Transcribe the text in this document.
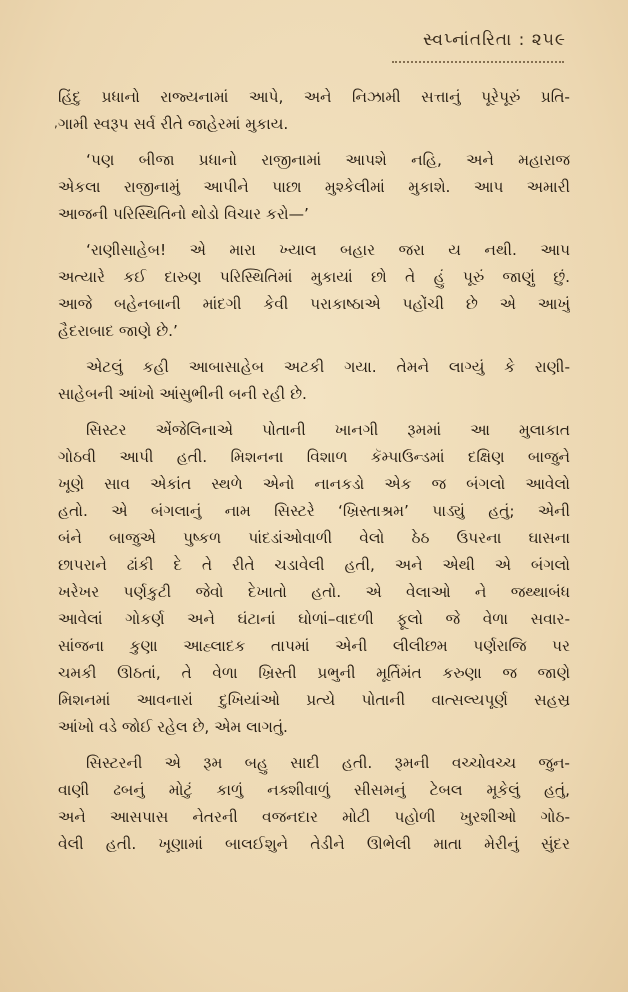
સ્વપ્નાંતરિતા : ૨૫૯
,
હિંદુ પ્રધાનો રાજ્યનામાં આપે, અને નિઝામી સત્તાનું પૂરેપૂરું પ્રતિ-
ગામી સ્વરૂપ સર્વ રીતે જાહેરમાં મુકાય.
‘પણ બીજા પ્રધાનો રાજીનામાં આપશે નહિ, અને મહારાજ
એકલા રાજીનામું આપીને પાછા મુશ્કેલીમાં મુકાશે. આપ અમારી
આજની પરિસ્થિતિનો થોડો વિચાર કરો—’
‘રાણીસાહેબ! એ મારા ખ્યાલ બહાર જરા ય નથી. આપ
અત્યારે કઈ દારુણ પરિસ્થિતિમાં મુકાયાં છો તે હું પૂરું જાણું છું.
આજે બહેનબાની માંદગી કેવી પરાકાષ્ઠાએ પહોંચી છે એ આખું
હૈદરાબાદ જાણે છે.’
એટલું કહી આબાસાહેબ અટકી ગયા. તેમને લાગ્યું કે રાણી-
સાહેબની આંખો આંસુભીની બની રહી છે.
સિસ્ટર એંજેલિનાએ પોતાની ખાનગી રૂમમાં આ મુલાકાત
ગોઠવી આપી હતી. મિશનના વિશાળ કૅમ્પાઉન્ડમાં દક્ષિણ બાજુને
ખૂણે સાવ એકાંત સ્થળે એનો નાનકડો એક જ બંગલો આવેલો
હતો. એ બંગલાનું નામ સિસ્ટરે ‘ખ્રિસ્તાશ્રમ’ પાડ્યું હતું; એની
બંને બાજુએ પુષ્કળ પાંદડાંઓવાળી વેલો ઠેઠ ઉપરના ઘાસના
છાપરાને ઢાંકી દે તે રીતે ચડાવેલી હતી, અને એથી એ બંગલો
ખરેખર પર્ણકુટી જેવો દેખાતો હતો. એ વેલાઓ ને જથ્થાબંધ
આવેલાં ગોકર્ણ અને ઘંટાનાં ઘોળાં–વાદળી ફૂલો જે વેળા સવાર-
સાંજના કુણા આહ્લાદક તાપમાં એની લીલીછમ પર્ણરાજિ પર
ચમકી ઊઠતાં, તે વેળા ખ્રિસ્તી પ્રભુની મૂર્તિમંત કરુણા જ જાણે
મિશનમાં આવનારાં દુખિયાંઓ પ્રત્યે પોતાની વાત્સલ્યપૂર્ણ સહસ્ર
આંખો વડે જોઈ રહેલ છે, એમ લાગતું.
સિસ્ટરની એ રૂમ બહુ સાદી હતી. રૂમની વચ્ચોવચ્ચ જુન-
વાણી ઢબનું મોટું કાળું નક્શીવાળું સીસમનું ટેબલ મૂકેલું હતું,
અને આસપાસ નેતરની વજનદાર મોટી પહોળી ખુરશીઓ ગોઠ-
વેલી હતી. ખૂણામાં બાલઈશુને તેડીને ઊભેલી માતા મેરીનું સુંદર
